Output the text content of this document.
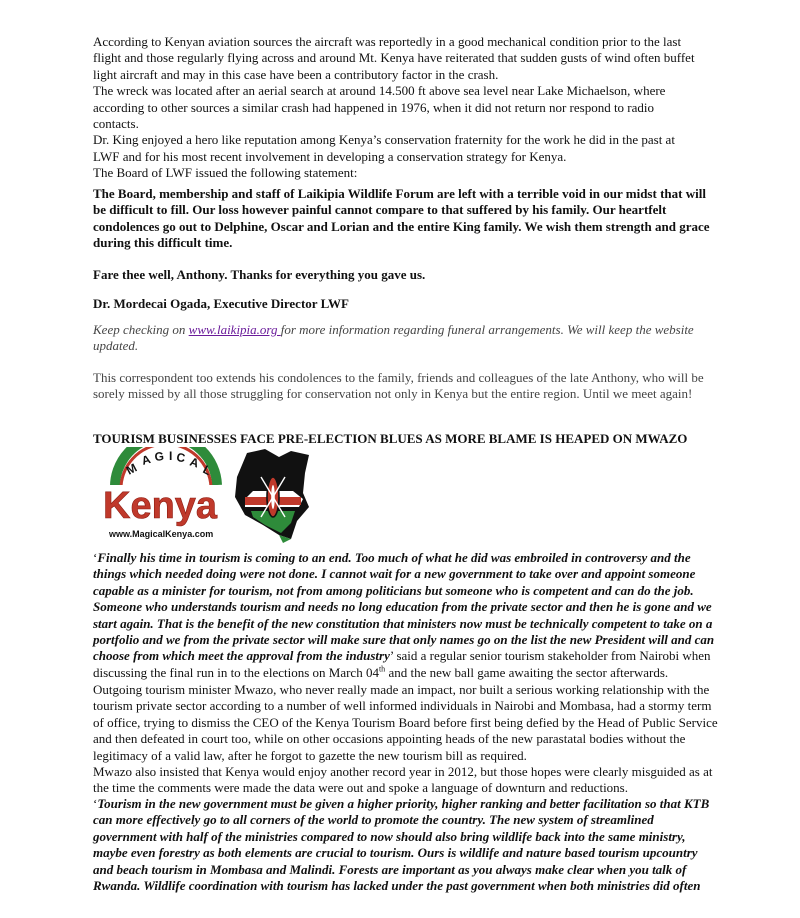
According to Kenyan aviation sources the aircraft was reportedly in a good mechanical condition prior to the last

flight and those regularly flying across and around Mt. Kenya have reiterated that sudden gusts of wind often buffet

light aircraft and may in this case have been a contributory factor in the crash.

The wreck was located after an aerial search at around 14.500 ft above sea level near Lake Michaelson, where

according to other sources a similar crash had happened in 1976, when it did not return nor respond to radio

contacts.

Dr. King enjoyed a hero like reputation among Kenya’s conservation fraternity for the work he did in the past at

LWF and for his most recent involvement in developing a conservation strategy for Kenya.

The Board of LWF issued the following statement:

The Board, membership and staff of Laikipia Wildlife Forum are left with a terrible void in our midst that will be difficult to fill. Our loss however painful cannot compare to that suffered by his family. Our heartfelt condolences go out to Delphine, Oscar and Lorian and the entire King family. We wish them strength and grace during this difficult time.

Fare thee well, Anthony. Thanks for everything you gave us.

Dr. Mordecai Ogada, Executive Director LWF

Keep checking on www.laikipia.org for more information regarding funeral arrangements. We will keep the website updated.

This correspondent too extends his condolences to the family, friends and colleagues of the late Anthony, who will be sorely missed by all those struggling for conservation not only in Kenya but the entire region. Until we meet again!

TOURISM BUSINESSES FACE PRE-ELECTION BLUES AS MORE BLAME IS HEAPED ON MWAZO
M
A G I C A L
Kenya
www.MagicalKenya.com

‘Finally his time in tourism is coming to an end. Too much of what he did was embroiled in controversy and the things which needed doing were not done. I cannot wait for a new government to take over and appoint someone capable as a minister for tourism, not from among politicians but someone who is competent and can do the job. Someone who understands tourism and needs no long education from the private sector and then he is gone and we start again. That is the benefit of the new constitution that ministers now must be technically competent to take on a portfolio and we from the private sector will make sure that only names go on the list the new President will and can choose from which meet the approval from the industry’ said a regular senior tourism stakeholder from Nairobi when discussing the final run in to the elections on March 04th and the new ball game awaiting the sector afterwards.

Outgoing tourism minister Mwazo, who never really made an impact, nor built a serious working relationship with the tourism private sector according to a number of well informed individuals in Nairobi and Mombasa, had a stormy term of office, trying to dismiss the CEO of the Kenya Tourism Board before first being defied by the Head of Public Service and then defeated in court too, while on other occasions appointing heads of the new parastatal bodies without the legitimacy of a valid law, after he forgot to gazette the new tourism bill as required.

Mwazo also insisted that Kenya would enjoy another record year in 2012, but those hopes were clearly misguided as at the time the comments were made the data were out and spoke a language of downturn and reductions.

‘Tourism in the new government must be given a higher priority, higher ranking and better facilitation so that KTB can more effectively go to all corners of the world to promote the country. The new system of streamlined government with half of the ministries compared to now should also bring wildlife back into the same ministry, maybe even forestry as both elements are crucial to tourism. Ours is wildlife and nature based tourism upcountry and beach tourism in Mombasa and Malindi. Forests are important as you always make clear when you talk of Rwanda. Wildlife coordination with tourism has lacked under the past government when both ministries did often
